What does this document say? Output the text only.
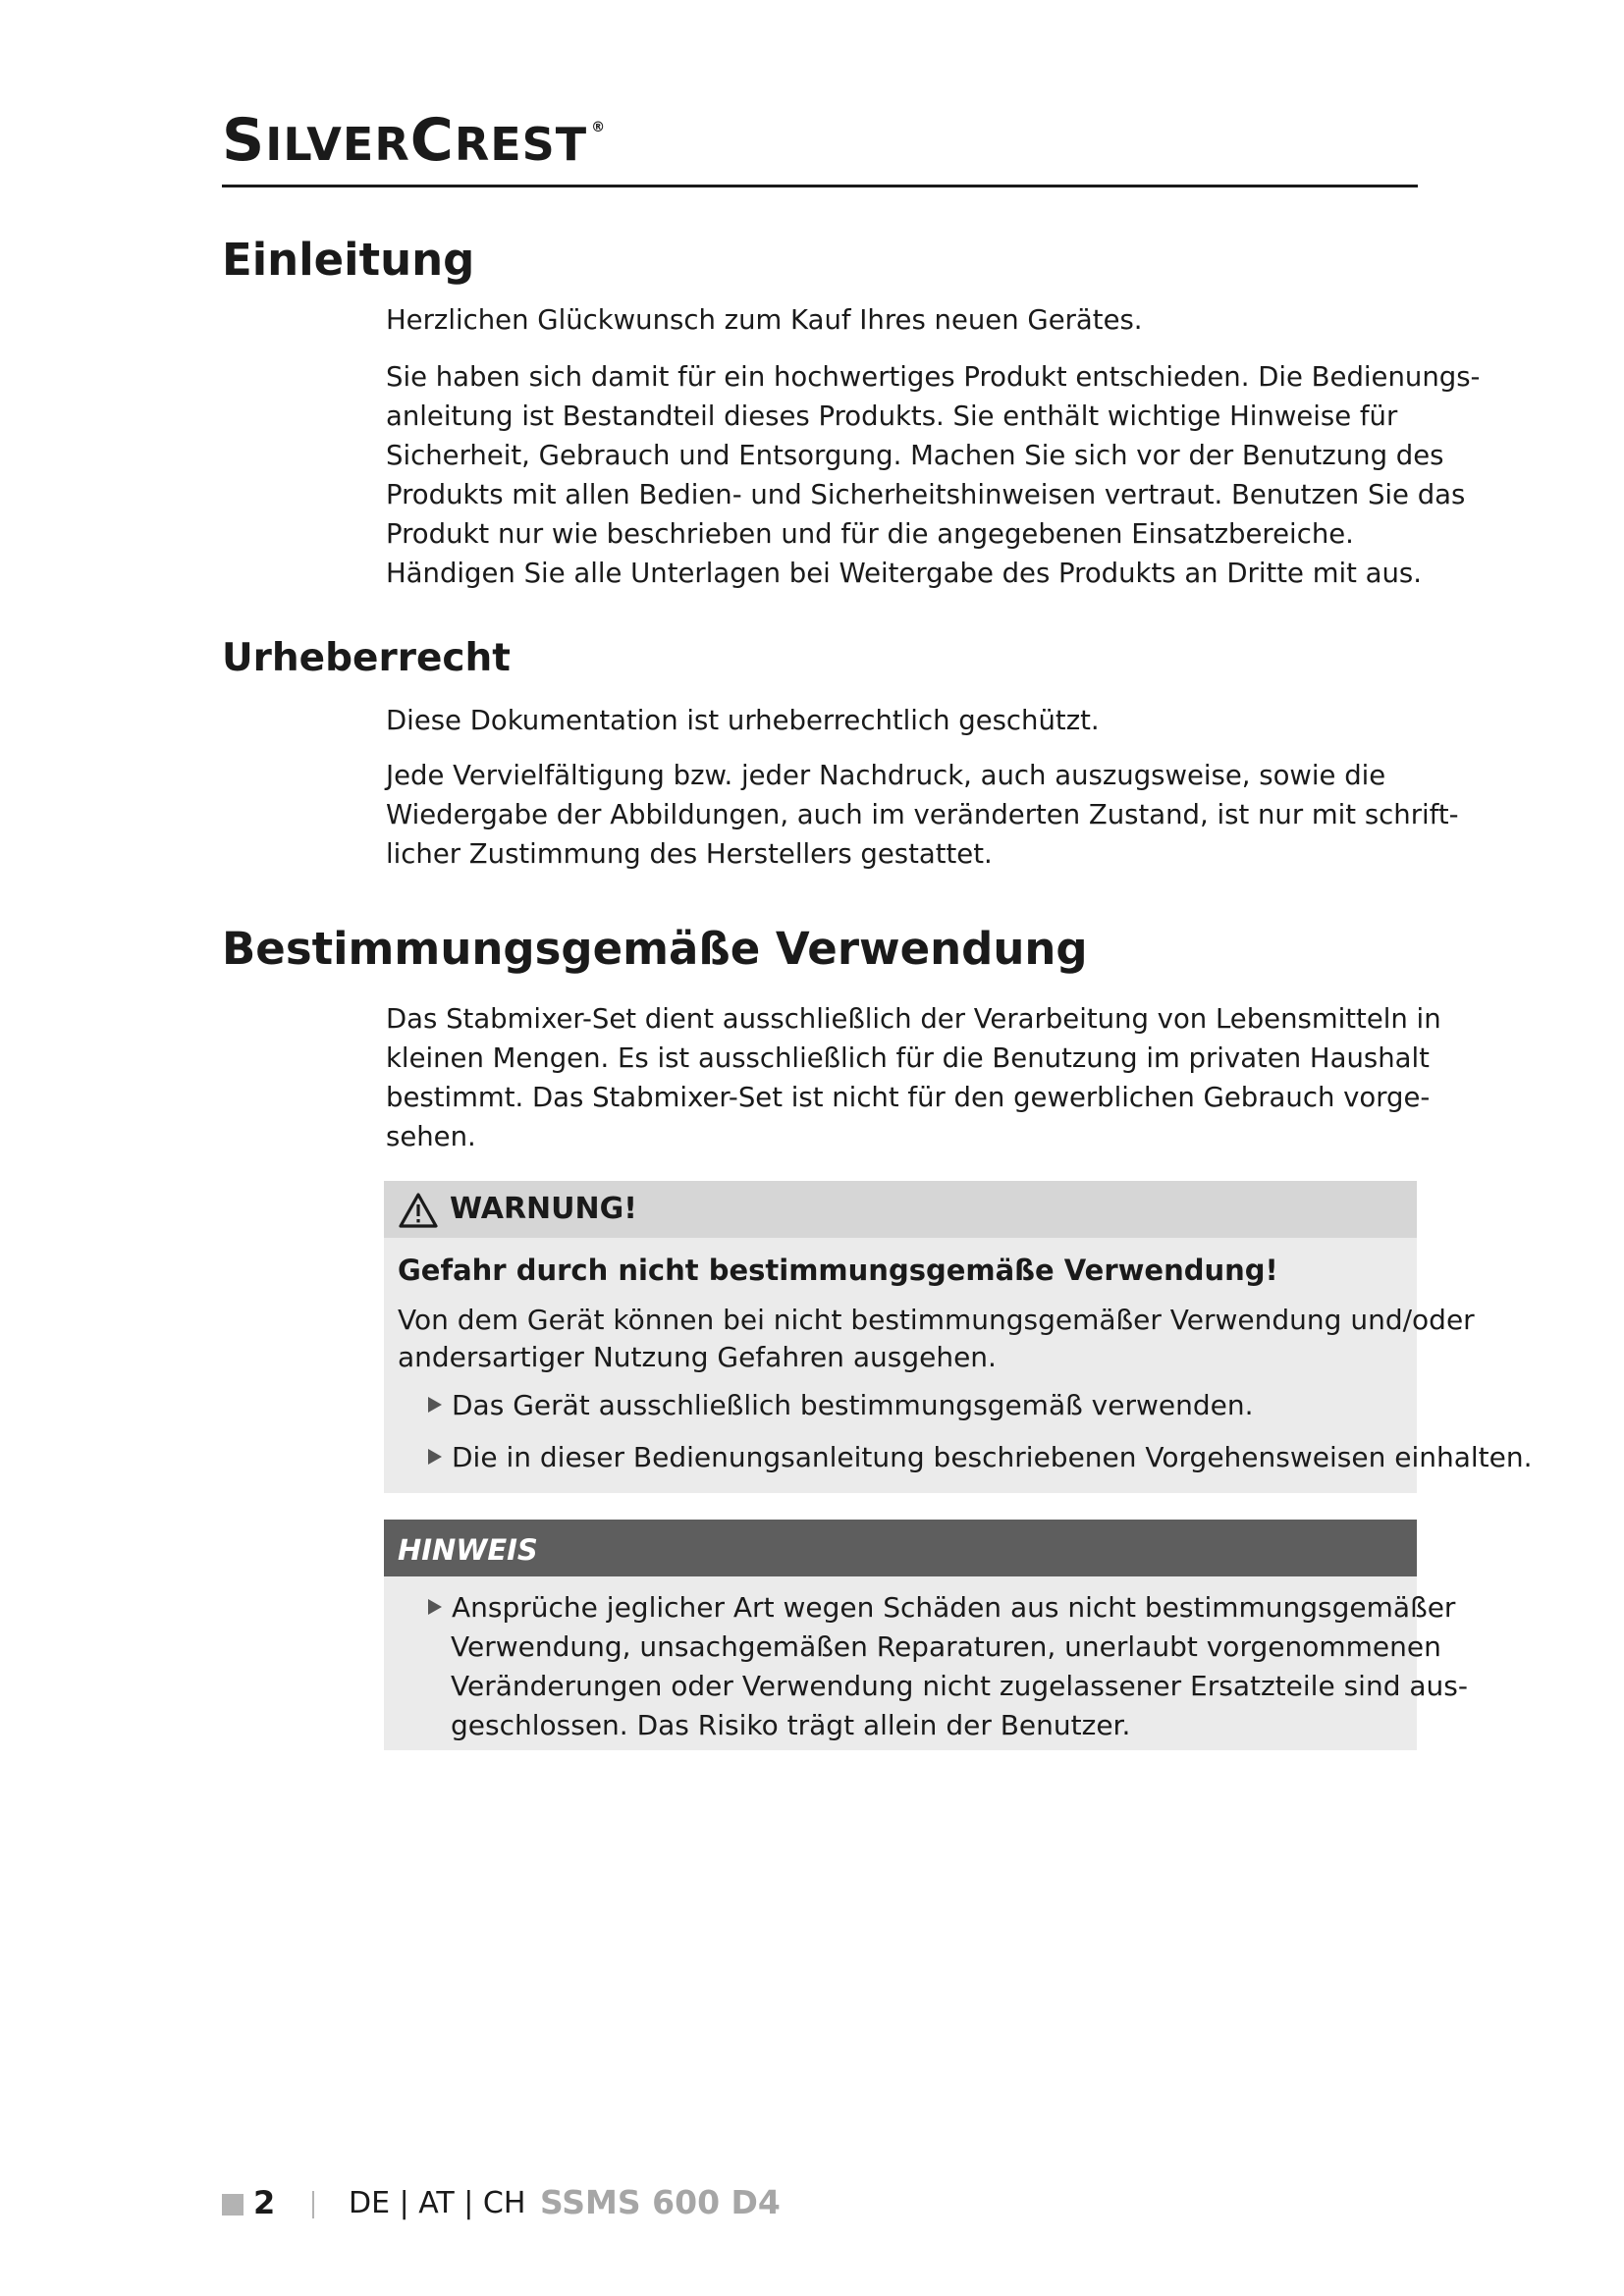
SILVERCREST ®
Einleitung

Herzlichen Glückwunsch zum Kauf Ihres neuen Gerätes.

Sie haben sich damit für ein hochwertiges Produkt entschieden. Die Bedienungs-
anleitung ist Bestandteil dieses Produkts. Sie enthält wichtige Hinweise für
Sicherheit, Gebrauch und Entsorgung. Machen Sie sich vor der Benutzung des
Produkts mit allen Bedien- und Sicherheitshinweisen vertraut. Benutzen Sie das
Produkt nur wie beschrieben und für die angegebenen Einsatzbereiche.
Händigen Sie alle Unterlagen bei Weitergabe des Produkts an Dritte mit aus.

Urheberrecht

Diese Dokumentation ist urheberrechtlich geschützt.

Jede Vervielfältigung bzw. jeder Nachdruck, auch auszugsweise, sowie die
Wiedergabe der Abbildungen, auch im veränderten Zustand, ist nur mit schrift-
licher Zustimmung des Herstellers gestattet.

Bestimmungsgemäße Verwendung

Das Stabmixer-Set dient ausschließlich der Verarbeitung von Lebensmitteln in
kleinen Mengen. Es ist ausschließlich für die Benutzung im privaten Haushalt
bestimmt. Das Stabmixer-Set ist nicht für den gewerblichen Gebrauch vorge-
sehen.

WARNUNG!
Gefahr durch nicht bestimmungsgemäße Verwendung!
Von dem Gerät können bei nicht bestimmungsgemäßer Verwendung und/oder
andersartiger Nutzung Gefahren ausgehen.
Das Gerät ausschließlich bestimmungsgemäß verwenden.
Die in dieser Bedienungsanleitung beschriebenen Vorgehensweisen einhalten.
HINWEIS
Ansprüche jeglicher Art wegen Schäden aus nicht bestimmungsgemäßer
Verwendung, unsachgemäßen Reparaturen, unerlaubt vorgenommenen
Veränderungen oder Verwendung nicht zugelassener Ersatzteile sind aus-
geschlossen. Das Risiko trägt allein der Benutzer.
2 DE | AT | CH SSMS 600 D4
